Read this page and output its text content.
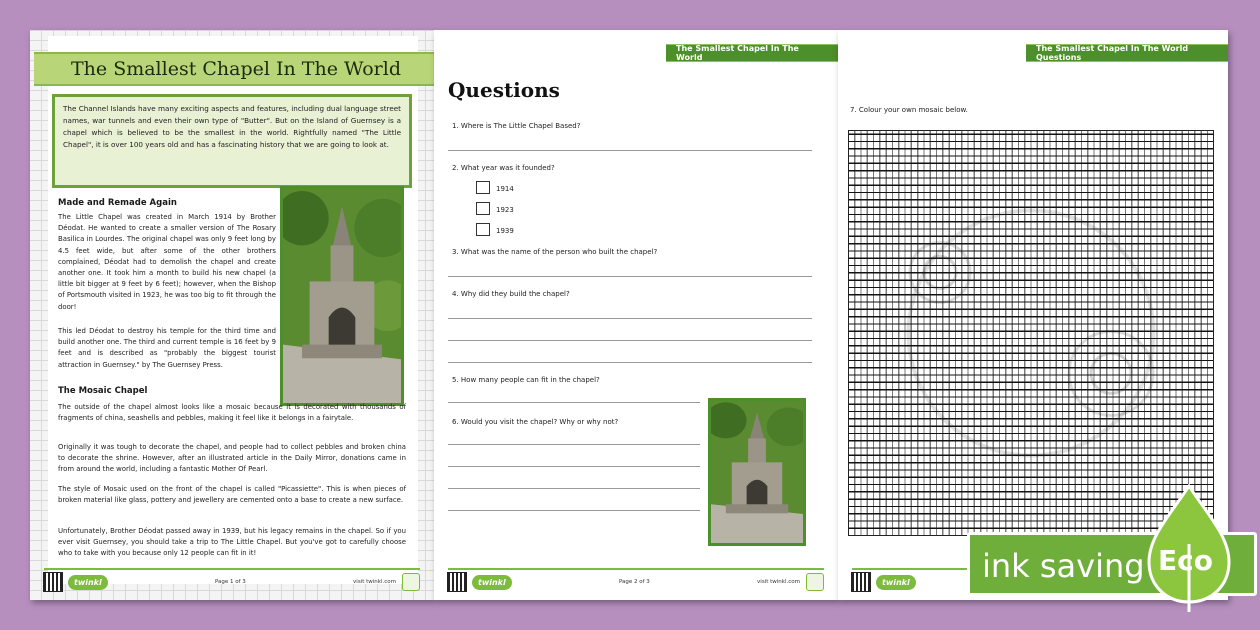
The Smallest Chapel In The World
The Channel Islands have many exciting aspects and features, including dual language street names, war tunnels and even their own type of "Butter". But on the Island of Guernsey is a chapel which is believed to be the smallest in the world. Rightfully named "The Little Chapel", it is over 100 years old and has a fascinating history that we are going to look at.
Made and Remade Again
The Little Chapel was created in March 1914 by Brother Déodat. He wanted to create a smaller version of The Rosary Basilica in Lourdes. The original chapel was only 9 feet long by 4.5 feet wide, but after some of the other brothers complained, Déodat had to demolish the chapel and create another one. It took him a month to build his new chapel (a little bit bigger at 9 feet by 6 feet); however, when the Bishop of Portsmouth visited in 1923, he was too big to fit through the door!
This led Déodat to destroy his temple for the third time and build another one. The third and current temple is 16 feet by 9 feet and is described as "probably the biggest tourist attraction in Guernsey." by The Guernsey Press.
The Mosaic Chapel
The outside of the chapel almost looks like a mosaic because it is decorated with thousands of fragments of china, seashells and pebbles, making it feel like it belongs in a fairytale.
Originally it was tough to decorate the chapel, and people had to collect pebbles and broken china to decorate the shrine. However, after an illustrated article in the Daily Mirror, donations came in from around the world, including a fantastic Mother Of Pearl.
The style of Mosaic used on the front of the chapel is called "Picassiette". This is when pieces of broken material like glass, pottery and jewellery are cemented onto a base to create a new surface.
Unfortunately, Brother Déodat passed away in 1939, but his legacy remains in the chapel. So if you ever visit Guernsey, you should take a trip to The Little Chapel. But you've got to carefully choose who to take with you because only 12 people can fit in it!
twinkl	Page 1 of 3	visit twinkl.com
The Smallest Chapel In The World
Questions
1. Where is The Little Chapel Based?
2. What year was it founded?
1914
1923
1939
3. What was the name of the person who built the chapel?
4. Why did they build the chapel?
5. How many people can fit in the chapel?
6. Would you visit the chapel? Why or why not?
twinkl	Page 2 of 3	visit twinkl.com
The Smallest Chapel In The World Questions
7. Colour your own mosaic below.
twinkl ink saving Eco
